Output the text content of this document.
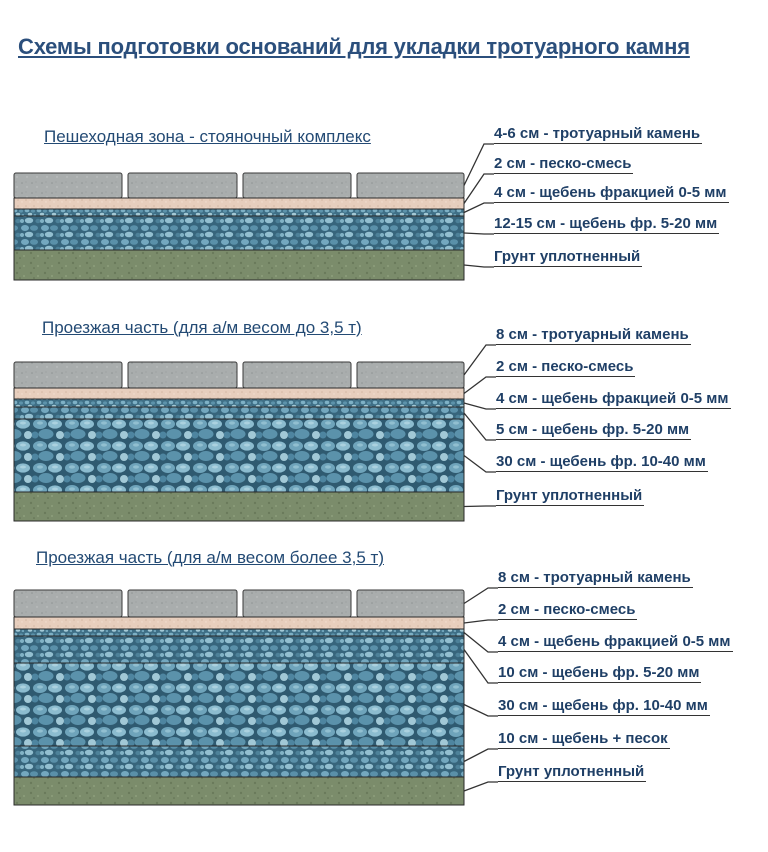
Схемы подготовки оснований для укладки тротуарного камня
Пешеходная зона - стояночный комплекс
Проезжая часть (для а/м весом до 3,5 т)
Проезжая часть (для а/м весом более 3,5 т)
4-6 см - тротуарный камень
2 см - песко-смесь
4 см - щебень фракцией 0-5 мм
12-15 см - щебень фр. 5-20 мм
Грунт уплотненный
8 см - тротуарный камень
2 см - песко-смесь
4 см - щебень фракцией 0-5 мм
5 см - щебень фр. 5-20 мм
30 см - щебень фр. 10-40 мм
Грунт уплотненный
8 см - тротуарный камень
2 см - песко-смесь
4 см - щебень фракцией 0-5 мм
10 см - щебень фр. 5-20 мм
30 см - щебень фр. 10-40 мм
10 см - щебень + песок
Грунт уплотненный
